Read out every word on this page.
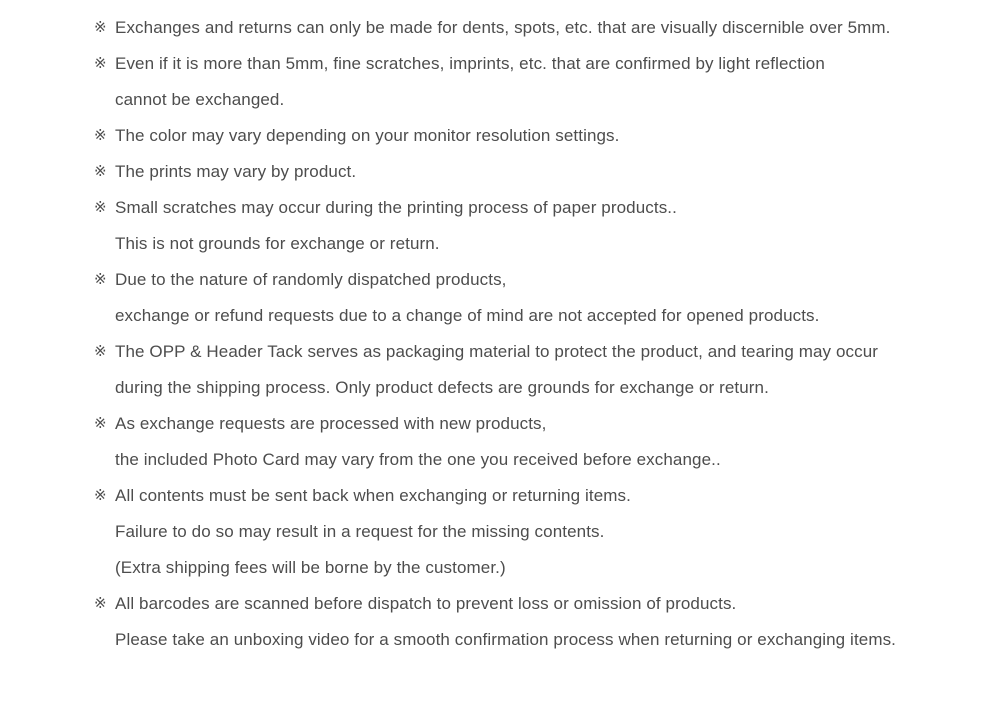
※ Exchanges and returns can only be made for dents, spots, etc. that are visually discernible over 5mm.
※ Even if it is more than 5mm, fine scratches, imprints, etc. that are confirmed by light reflection
cannot be exchanged.
※ The color may vary depending on your monitor resolution settings.
※ The prints may vary by product.
※ Small scratches may occur during the printing process of paper products..
This is not grounds for exchange or return.
※ Due to the nature of randomly dispatched products,
exchange or refund requests due to a change of mind are not accepted for opened products.
※ The OPP & Header Tack serves as packaging material to protect the product, and tearing may occur
during the shipping process. Only product defects are grounds for exchange or return.
※ As exchange requests are processed with new products,
the included Photo Card may vary from the one you received before exchange..
※ All contents must be sent back when exchanging or returning items.
Failure to do so may result in a request for the missing contents.
(Extra shipping fees will be borne by the customer.)
※ All barcodes are scanned before dispatch to prevent loss or omission of products.
Please take an unboxing video for a smooth confirmation process when returning or exchanging items.
